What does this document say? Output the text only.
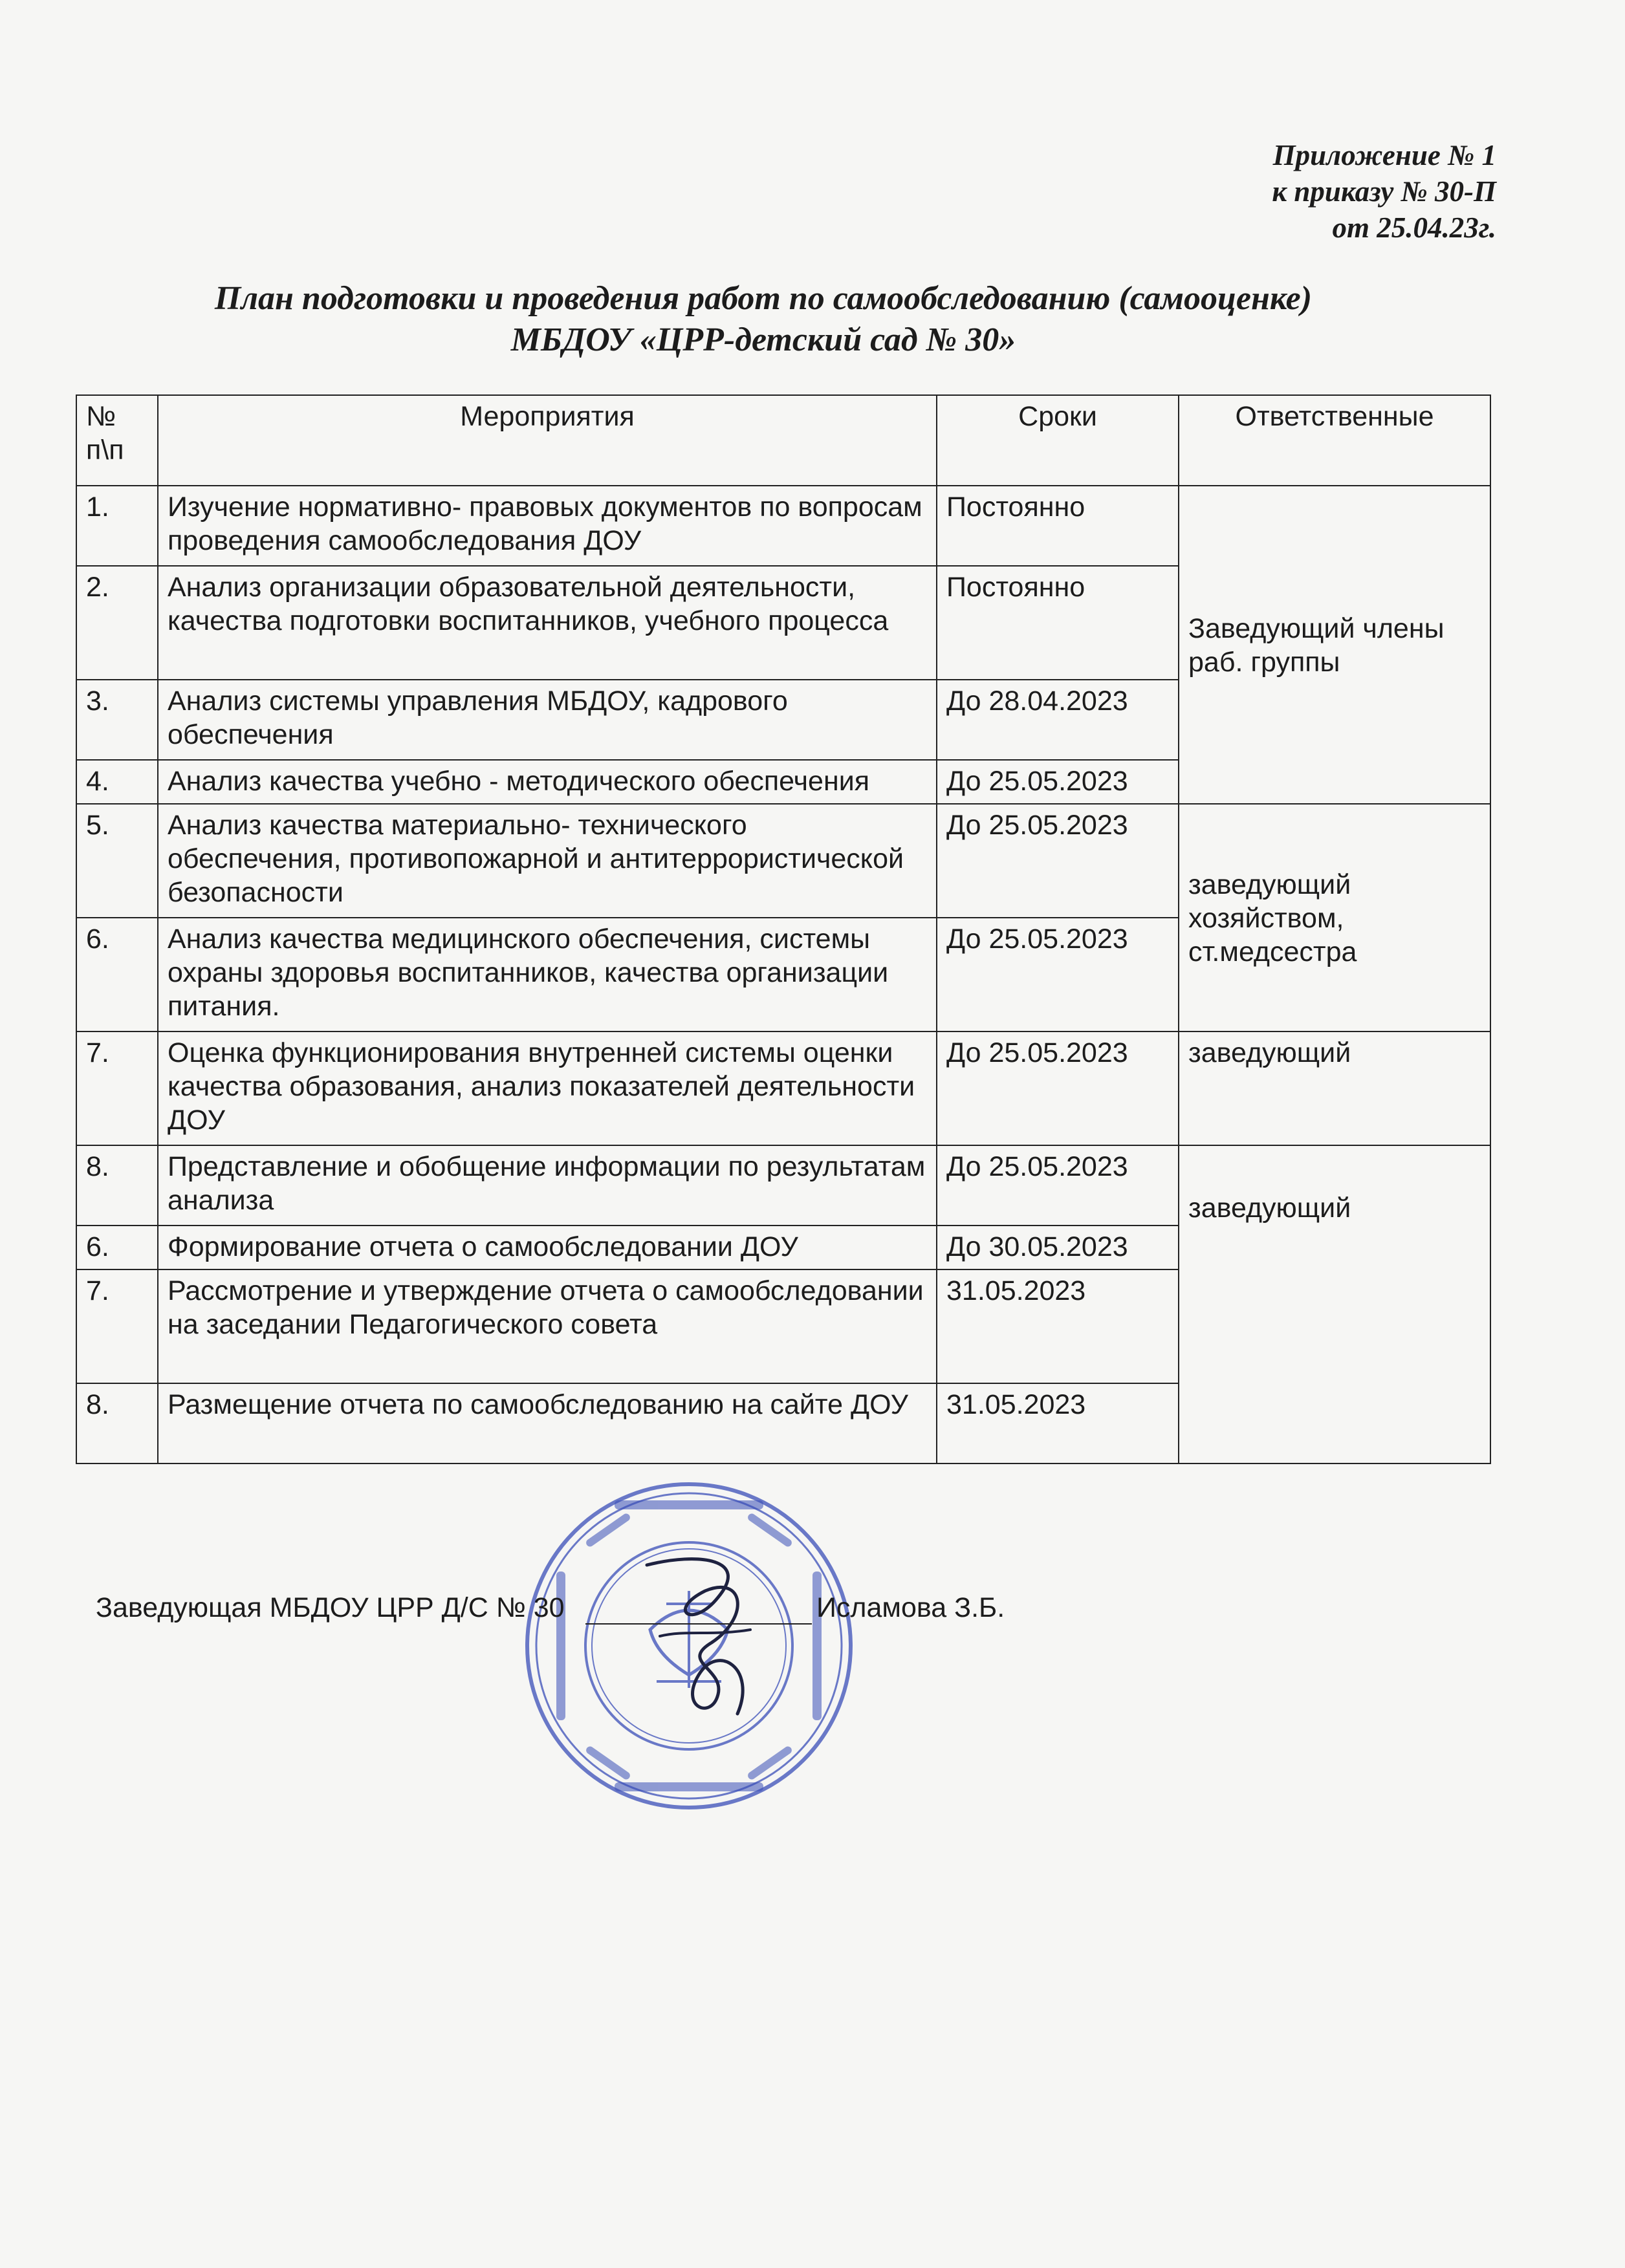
Приложение № 1
к приказу № 30-П
от 25.04.23г.
План подготовки и проведения работ по самообследованию (самооценке)
МБДОУ «ЦРР-детский сад № 30»
№ п\п	Мероприятия	Сроки	Ответственные
1.	Изучение нормативно- правовых документов по вопросам проведения самообследования ДОУ	Постоянно	Заведующий члены раб. группы
2.	Анализ организации образовательной деятельности, качества подготовки воспитанников, учебного процесса	Постоянно	
3.	Анализ системы управления МБДОУ, кадрового обеспечения	До 28.04.2023	
4.	Анализ качества учебно - методического обеспечения	До 25.05.2023	
5.	Анализ качества материально- технического обеспечения, противопожарной и антитеррористической безопасности	До 25.05.2023	заведующий хозяйством, ст.медсестра
6.	Анализ качества медицинского обеспечения, системы охраны здоровья воспитанников, качества организации питания.	До 25.05.2023	
7.	Оценка функционирования внутренней системы оценки качества образования, анализ показателей деятельности ДОУ	До 25.05.2023	заведующий
8.	Представление и обобщение информации по результатам анализа	До 25.05.2023	заведующий

6.	Формирование отчета о самообследовании ДОУ	До 30.05.2023	
7.	Рассмотрение и утверждение отчета о самообследовании на заседании Педагогического совета	31.05.2023	
8.	Размещение отчета по самообследованию на сайте ДОУ	31.05.2023	
Заведующая МБДОУ ЦРР Д/С № 30	Исламова З.Б.
